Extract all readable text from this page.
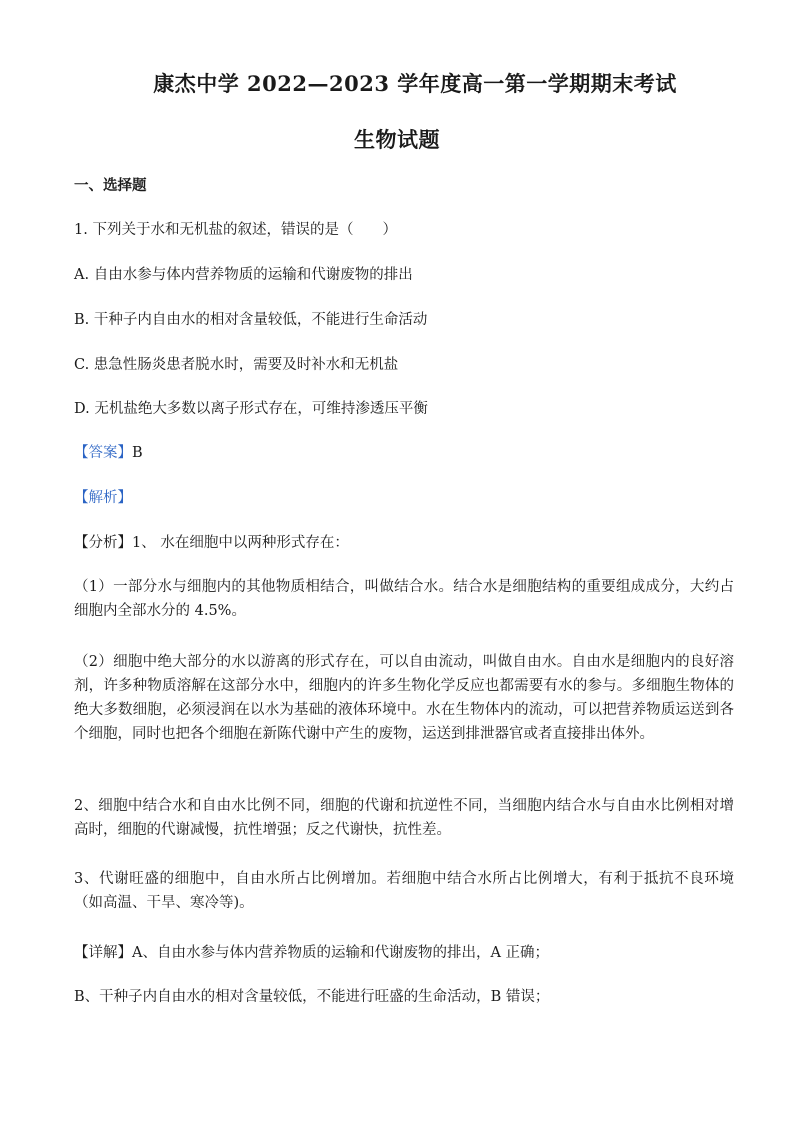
康杰中学 2022—2023 学年度高一第一学期期末考试
生物试题
一、选择题
1. 下列关于水和无机盐的叙述，错误的是（　　）
A. 自由水参与体内营养物质的运输和代谢废物的排出
B. 干种子内自由水的相对含量较低，不能进行生命活动
C. 患急性肠炎患者脱水时，需要及时补水和无机盐
D. 无机盐绝大多数以离子形式存在，可维持渗透压平衡
【答案】B
【解析】
【分析】1、 水在细胞中以两种形式存在：
（1）一部分水与细胞内的其他物质相结合，叫做结合水。结合水是细胞结构的重要组成成分，大约占细胞内全部水分的 4.5%。
（2）细胞中绝大部分的水以游离的形式存在，可以自由流动，叫做自由水。自由水是细胞内的良好溶剂，许多种物质溶解在这部分水中，细胞内的许多生物化学反应也都需要有水的参与。多细胞生物体的绝大多数细胞，必须浸润在以水为基础的液体环境中。水在生物体内的流动，可以把营养物质运送到各个细胞，同时也把各个细胞在新陈代谢中产生的废物，运送到排泄器官或者直接排出体外。
2、细胞中结合水和自由水比例不同，细胞的代谢和抗逆性不同，当细胞内结合水与自由水比例相对增高时，细胞的代谢减慢，抗性增强；反之代谢快，抗性差。
3、代谢旺盛的细胞中，自由水所占比例增加。若细胞中结合水所占比例增大，有利于抵抗不良环境（如高温、干旱、寒冷等)。
【详解】A、自由水参与体内营养物质的运输和代谢废物的排出，A 正确；
B、干种子内自由水的相对含量较低，不能进行旺盛的生命活动，B 错误；
